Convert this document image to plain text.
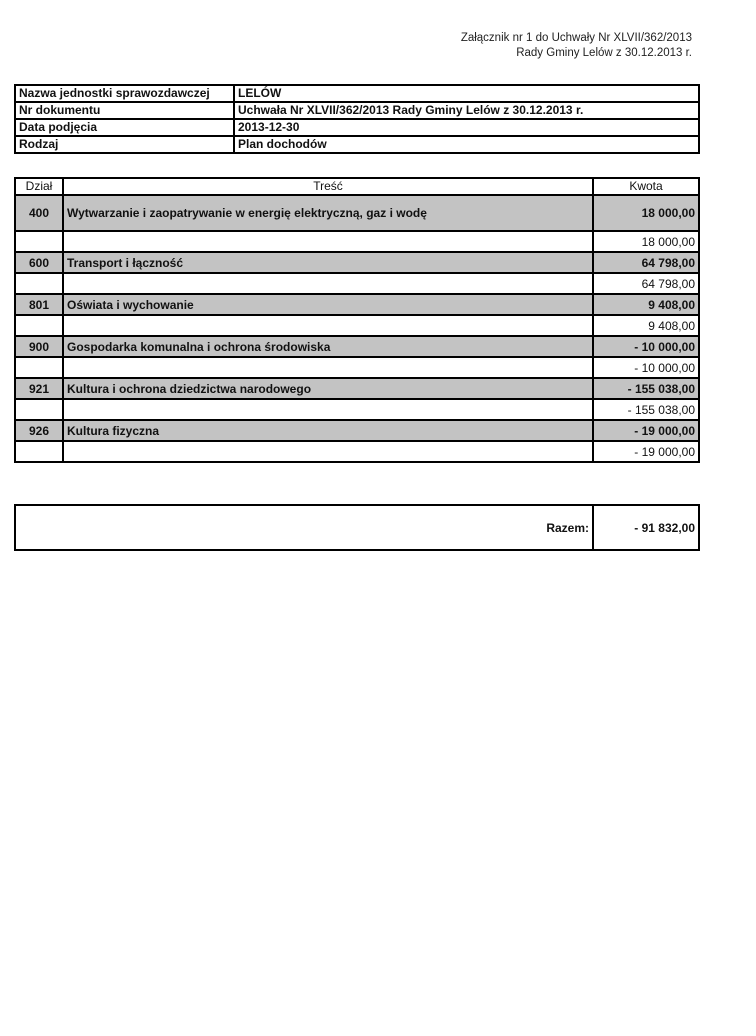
Załącznik nr 1 do Uchwały Nr XLVII/362/2013
Rady Gminy Lelów z 30.12.2013 r.
Nazwa jednostki sprawozdawczej	LELÓW
Nr dokumentu	Uchwała Nr XLVII/362/2013 Rady Gminy Lelów z 30.12.2013 r.
Data podjęcia	2013-12-30
Rodzaj	Plan dochodów
Dział	Treść	Kwota
400	Wytwarzanie i zaopatrywanie w energię elektryczną, gaz i wodę	18 000,00
		18 000,00
600	Transport i łączność	64 798,00
		64 798,00
801	Oświata i wychowanie	9 408,00
		9 408,00
900	Gospodarka komunalna i ochrona środowiska	- 10 000,00
		- 10 000,00
921	Kultura i ochrona dziedzictwa narodowego	- 155 038,00
		- 155 038,00
926	Kultura fizyczna	- 19 000,00
		- 19 000,00
Razem:	- 91 832,00
